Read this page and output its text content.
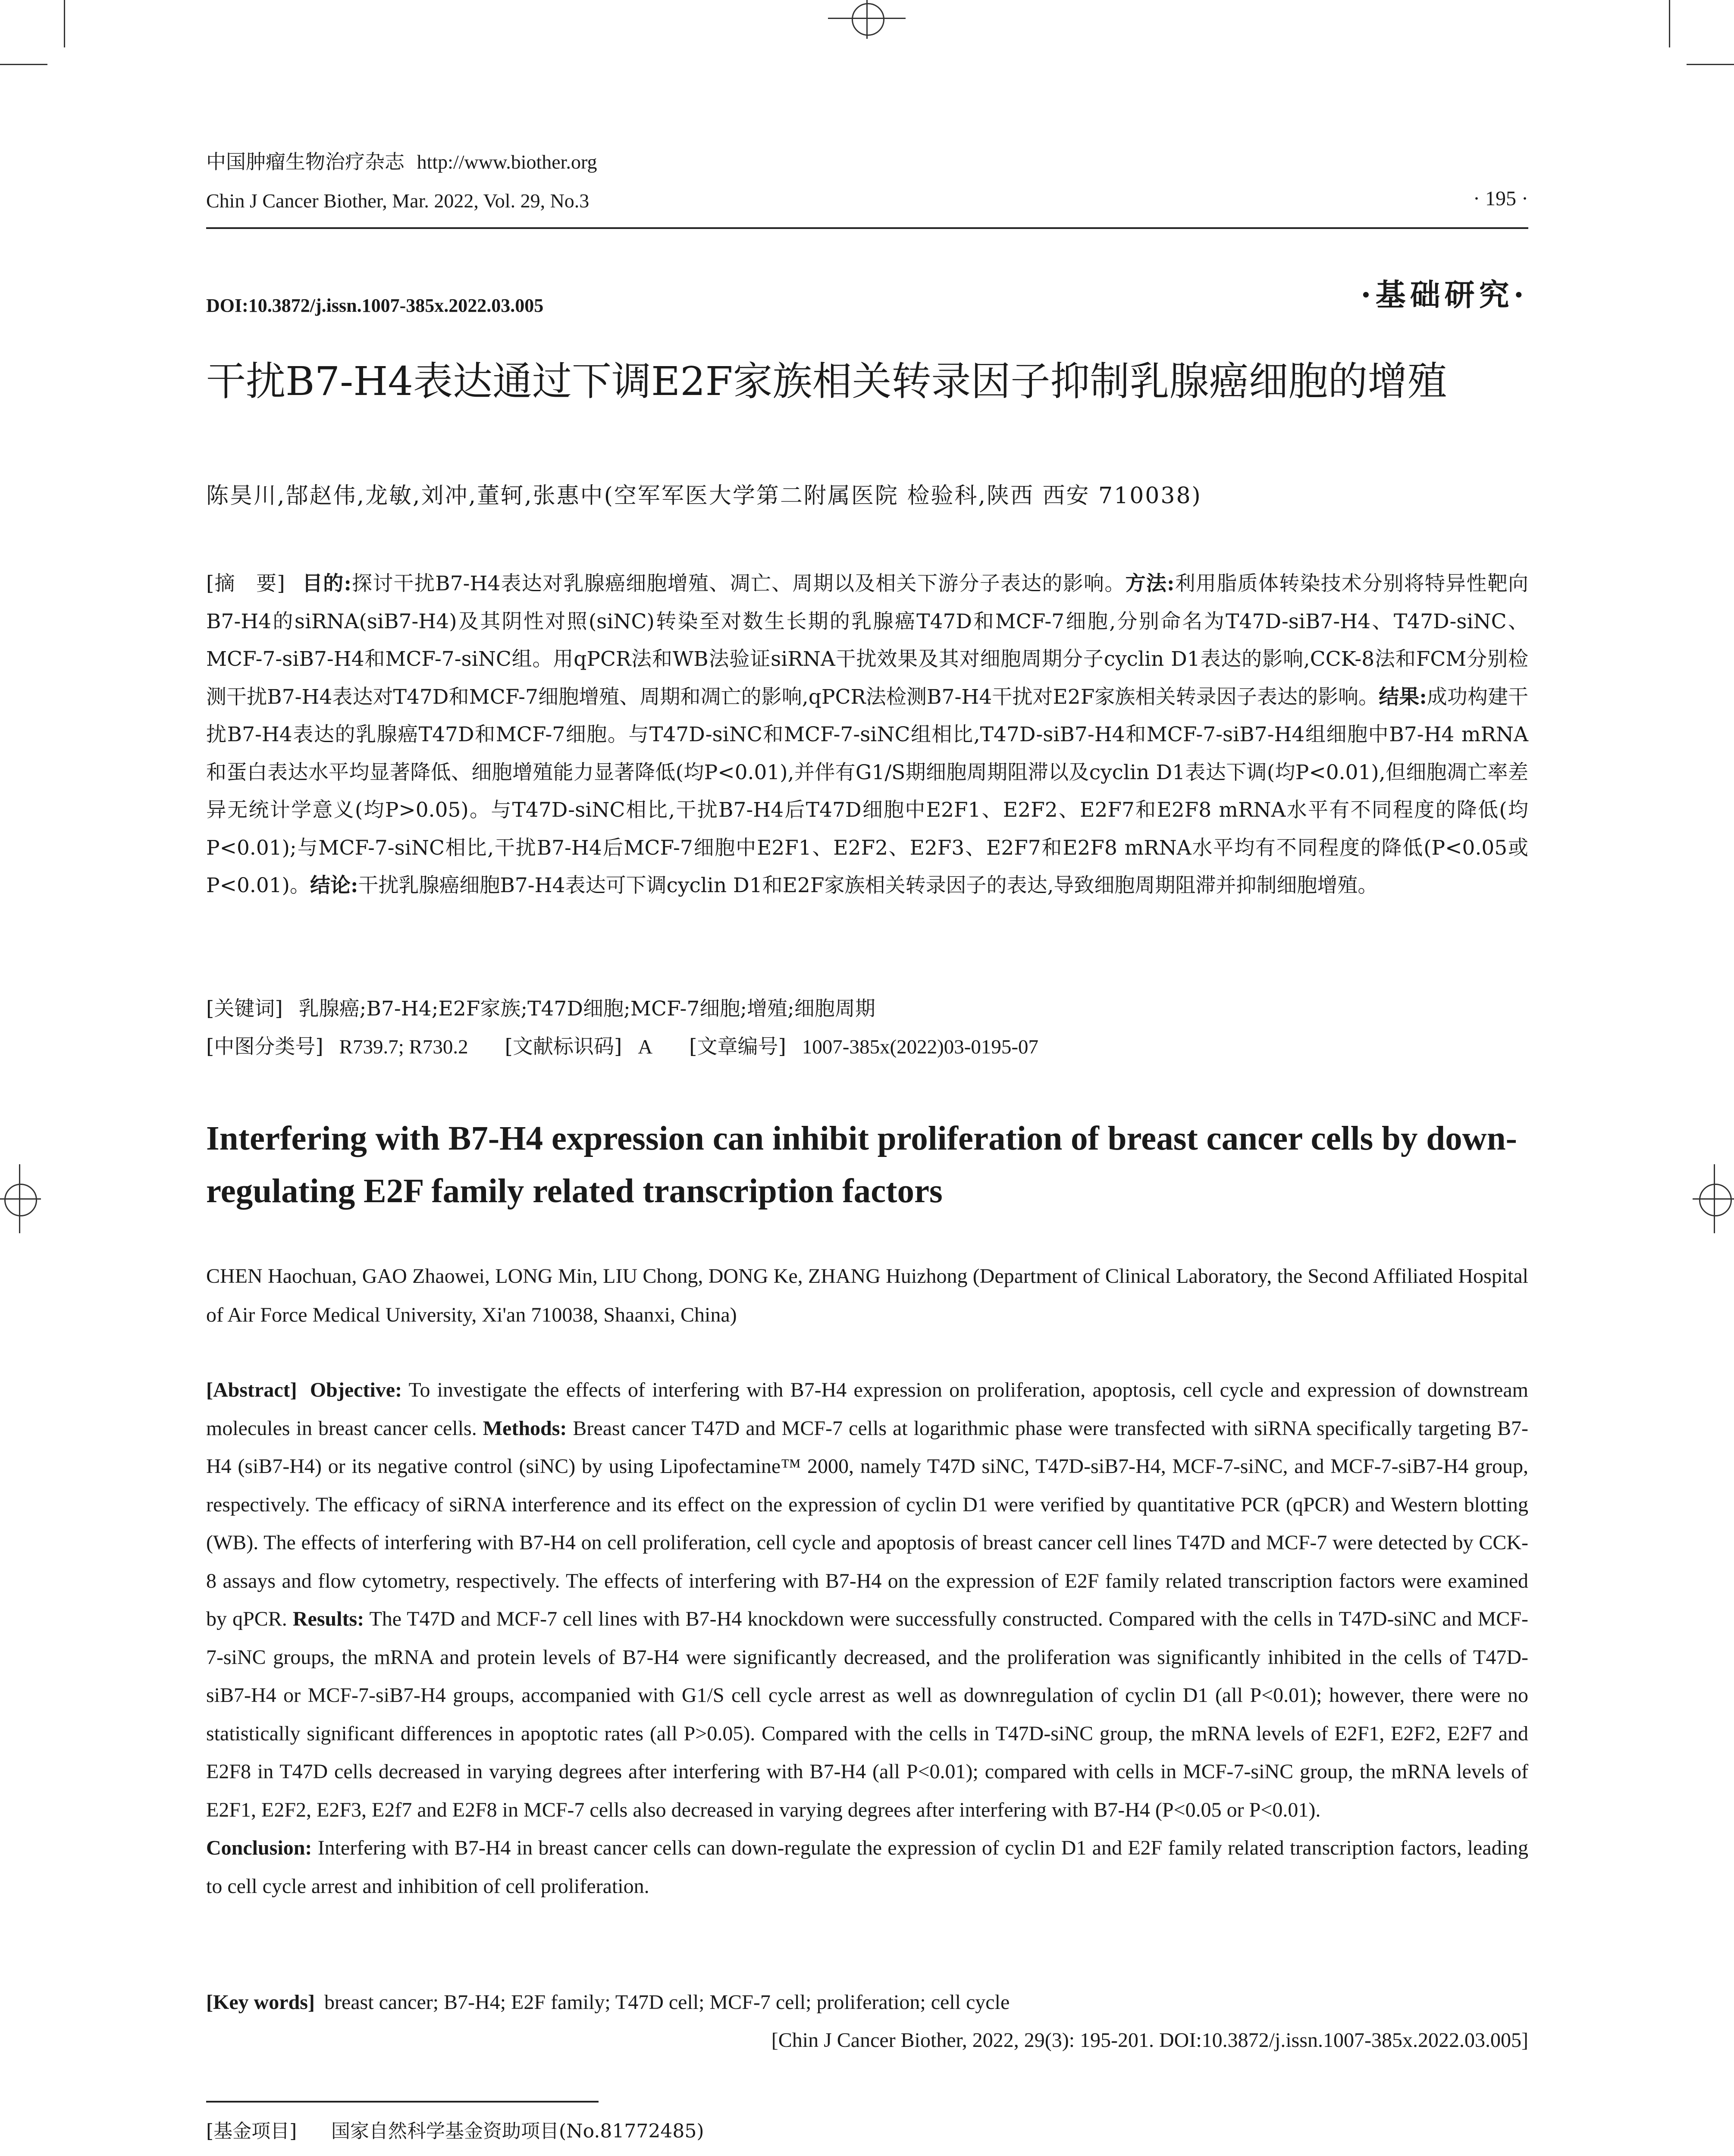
中国肿瘤生物治疗杂志 http://www.biother.org
Chin J Cancer Biother, Mar. 2022, Vol. 29, No.3	· 195 ·
DOI:10.3872/j.issn.1007-385x.2022.03.005	·基础研究·
干扰B7-H4表达通过下调E2F家族相关转录因子抑制乳腺癌细胞的增殖
陈昊川,郜赵伟,龙敏,刘冲,董轲,张惠中(空军军医大学第二附属医院 检验科,陕西 西安 710038)

[摘　要] 目的:探讨干扰B7-H4表达对乳腺癌细胞增殖、凋亡、周期以及相关下游分子表达的影响。方法:利用脂质体转染技术分别将特异性靶向B7-H4的siRNA(siB7-H4)及其阴性对照(siNC)转染至对数生长期的乳腺癌T47D和MCF-7细胞,分别命名为T47D-siB7-H4、T47D-siNC、MCF-7-siB7-H4和MCF-7-siNC组。用qPCR法和WB法验证siRNA干扰效果及其对细胞周期分子cyclin D1表达的影响,CCK-8法和FCM分别检测干扰B7-H4表达对T47D和MCF-7细胞增殖、周期和凋亡的影响,qPCR法检测B7-H4干扰对E2F家族相关转录因子表达的影响。结果:成功构建干扰B7-H4表达的乳腺癌T47D和MCF-7细胞。与T47D-siNC和MCF-7-siNC组相比,T47D-siB7-H4和MCF-7-siB7-H4组细胞中B7-H4 mRNA和蛋白表达水平均显著降低、细胞增殖能力显著降低(均P<0.01),并伴有G1/S期细胞周期阻滞以及cyclin D1表达下调(均P<0.01),但细胞凋亡率差异无统计学意义(均P>0.05)。与T47D-siNC相比,干扰B7-H4后T47D细胞中E2F1、E2F2、E2F7和E2F8 mRNA水平有不同程度的降低(均P<0.01);与MCF-7-siNC相比,干扰B7-H4后MCF-7细胞中E2F1、E2F2、E2F3、E2F7和E2F8 mRNA水平均有不同程度的降低(P<0.05或P<0.01)。结论:干扰乳腺癌细胞B7-H4表达可下调cyclin D1和E2F家族相关转录因子的表达,导致细胞周期阻滞并抑制细胞增殖。

[关键词] 乳腺癌;B7-H4;E2F家族;T47D细胞;MCF-7细胞;增殖;细胞周期
[中图分类号] R739.7; R730.2 [文献标识码] A [文章编号] 1007-385x(2022)03-0195-07
Interfering with B7-H4 expression can inhibit proliferation of breast cancer cells by down-regulating E2F family related transcription factors
CHEN Haochuan, GAO Zhaowei, LONG Min, LIU Chong, DONG Ke, ZHANG Huizhong (Department of Clinical Laboratory, the Second Affiliated Hospital of Air Force Medical University, Xi'an 710038, Shaanxi, China)

[Abstract] Objective: To investigate the effects of interfering with B7-H4 expression on proliferation, apoptosis, cell cycle and expression of downstream molecules in breast cancer cells. Methods: Breast cancer T47D and MCF-7 cells at logarithmic phase were transfected with siRNA specifically targeting B7-H4 (siB7-H4) or its negative control (siNC) by using Lipofectamine™ 2000, namely T47D siNC, T47D-siB7-H4, MCF-7-siNC, and MCF-7-siB7-H4 group, respectively. The efficacy of siRNA interference and its effect on the expression of cyclin D1 were verified by quantitative PCR (qPCR) and Western blotting (WB). The effects of interfering with B7-H4 on cell proliferation, cell cycle and apoptosis of breast cancer cell lines T47D and MCF-7 were detected by CCK-8 assays and flow cytometry, respectively. The effects of interfering with B7-H4 on the expression of E2F family related transcription factors were examined by qPCR. Results: The T47D and MCF-7 cell lines with B7-H4 knockdown were successfully constructed. Compared with the cells in T47D-siNC and MCF-7-siNC groups, the mRNA and protein levels of B7-H4 were significantly decreased, and the proliferation was significantly inhibited in the cells of T47D-siB7-H4 or MCF-7-siB7-H4 groups, accompanied with G1/S cell cycle arrest as well as downregulation of cyclin D1 (all P<0.01); however, there were no statistically significant differences in apoptotic rates (all P>0.05). Compared with the cells in T47D-siNC group, the mRNA levels of E2F1, E2F2, E2F7 and E2F8 in T47D cells decreased in varying degrees after interfering with B7-H4 (all P<0.01); compared with cells in MCF-7-siNC group, the mRNA levels of E2F1, E2F2, E2F3, E2f7 and E2F8 in MCF-7 cells also decreased in varying degrees after interfering with B7-H4 (P<0.05 or P<0.01).
Conclusion: Interfering with B7-H4 in breast cancer cells can down-regulate the expression of cyclin D1 and E2F family related transcription factors, leading to cell cycle arrest and inhibition of cell proliferation.

[Key words] breast cancer; B7-H4; E2F family; T47D cell; MCF-7 cell; proliferation; cell cycle
[Chin J Cancer Biother, 2022, 29(3): 195-201. DOI:10.3872/j.issn.1007-385x.2022.03.005]
[基金项目] 国家自然科学基金资助项目(No.81772485)
